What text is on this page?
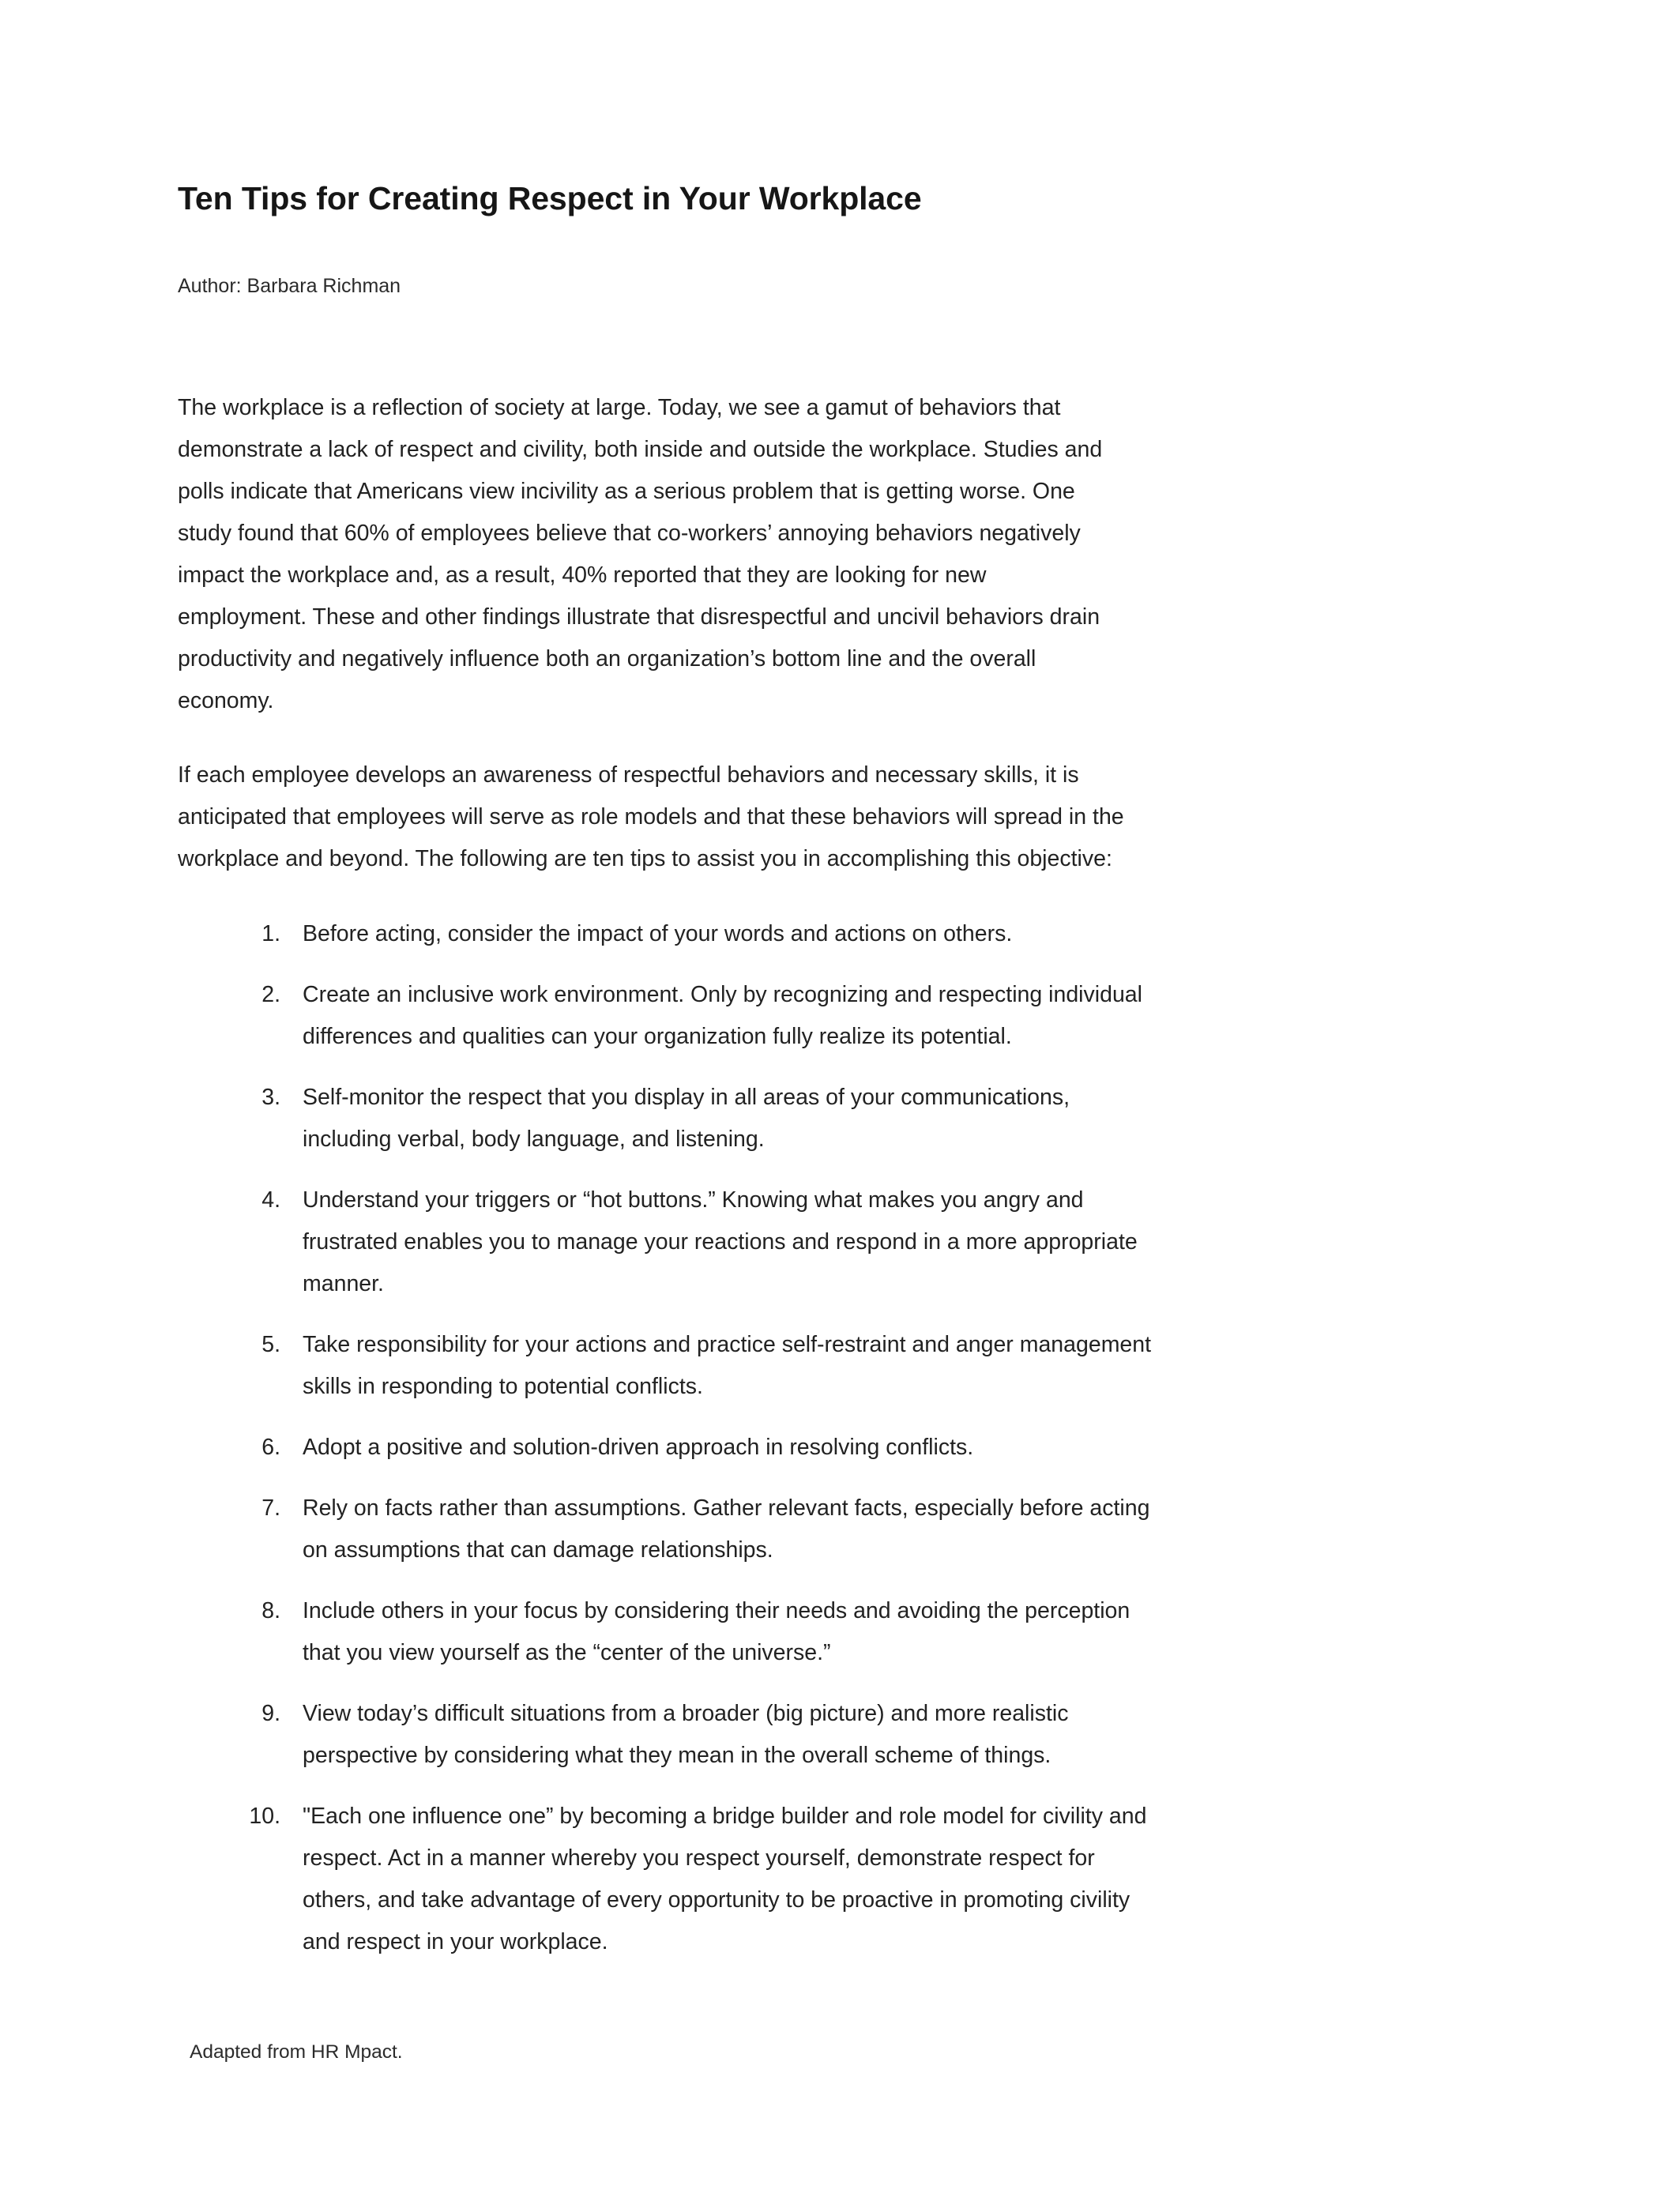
Ten Tips for Creating Respect in Your Workplace
Author: Barbara Richman

The workplace is a reflection of society at large. Today, we see a gamut of behaviors that
demonstrate a lack of respect and civility, both inside and outside the workplace. Studies and
polls indicate that Americans view incivility as a serious problem that is getting worse. One
study found that 60% of employees believe that co-workers’ annoying behaviors negatively
impact the workplace and, as a result, 40% reported that they are looking for new
employment. These and other findings illustrate that disrespectful and uncivil behaviors drain
productivity and negatively influence both an organization’s bottom line and the overall
economy.

If each employee develops an awareness of respectful behaviors and necessary skills, it is
anticipated that employees will serve as role models and that these behaviors will spread in the
workplace and beyond. The following are ten tips to assist you in accomplishing this objective:

1. Before acting, consider the impact of your words and actions on others.
2. Create an inclusive work environment. Only by recognizing and respecting individual
differences and qualities can your organization fully realize its potential.
3. Self-monitor the respect that you display in all areas of your communications,
including verbal, body language, and listening.
4. Understand your triggers or “hot buttons.” Knowing what makes you angry and
frustrated enables you to manage your reactions and respond in a more appropriate
manner.
5. Take responsibility for your actions and practice self-restraint and anger management
skills in responding to potential conflicts.
6. Adopt a positive and solution-driven approach in resolving conflicts.
7. Rely on facts rather than assumptions. Gather relevant facts, especially before acting
on assumptions that can damage relationships.
8. Include others in your focus by considering their needs and avoiding the perception
that you view yourself as the “center of the universe.”
9. View today’s difficult situations from a broader (big picture) and more realistic
perspective by considering what they mean in the overall scheme of things.
10. "Each one influence one” by becoming a bridge builder and role model for civility and
respect. Act in a manner whereby you respect yourself, demonstrate respect for
others, and take advantage of every opportunity to be proactive in promoting civility
and respect in your workplace.
Adapted from HR Mpact.
